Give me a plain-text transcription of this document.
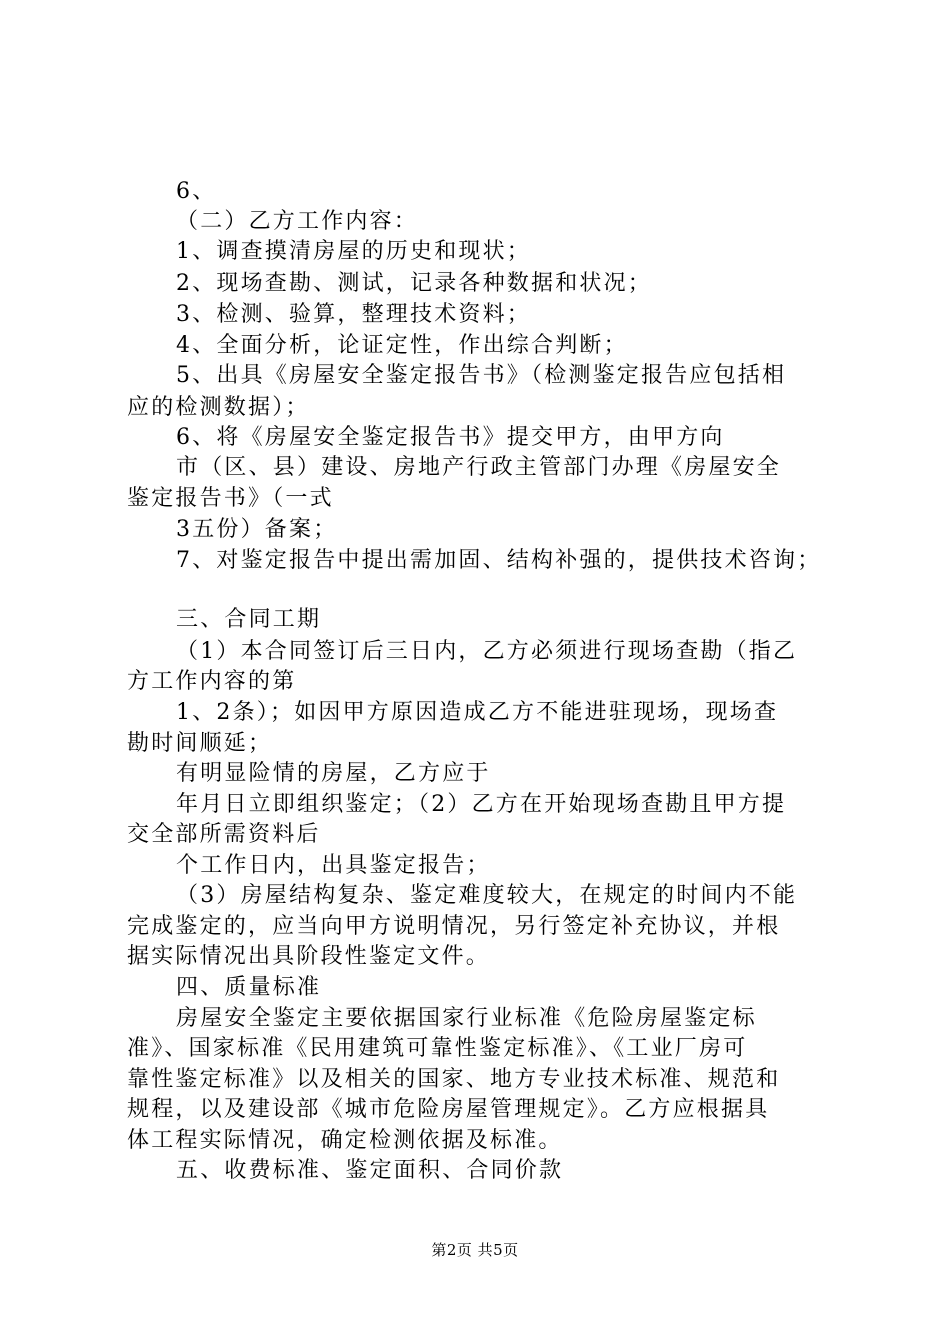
6、
（二）乙方工作内容：
1、调查摸清房屋的历史和现状；
2、现场查勘、测试，记录各种数据和状况；
3、检测、验算，整理技术资料；
4、全面分析，论证定性，作出综合判断；
5、出具《房屋安全鉴定报告书》（检测鉴定报告应包括相
应的检测数据）；
6、将《房屋安全鉴定报告书》提交甲方，由甲方向
市（区、县）建设、房地产行政主管部门办理《房屋安全
鉴定报告书》（一式
3五份）备案；
7、对鉴定报告中提出需加固、结构补强的，提供技术咨询；
三、合同工期
（1）本合同签订后三日内，乙方必须进行现场查勘（指乙
方工作内容的第
1、2条）；如因甲方原因造成乙方不能进驻现场，现场查
勘时间顺延；
有明显险情的房屋，乙方应于
年月日立即组织鉴定；（2）乙方在开始现场查勘且甲方提
交全部所需资料后
个工作日内，出具鉴定报告；
（3）房屋结构复杂、鉴定难度较大，在规定的时间内不能
完成鉴定的，应当向甲方说明情况，另行签定补充协议，并根
据实际情况出具阶段性鉴定文件。
四、质量标准
房屋安全鉴定主要依据国家行业标准《危险房屋鉴定标
准》、国家标准《民用建筑可靠性鉴定标准》、《工业厂房可
靠性鉴定标准》以及相关的国家、地方专业技术标准、规范和
规程，以及建设部《城市危险房屋管理规定》。乙方应根据具
体工程实际情况，确定检测依据及标准。
五、收费标准、鉴定面积、合同价款
第2页 共5页
